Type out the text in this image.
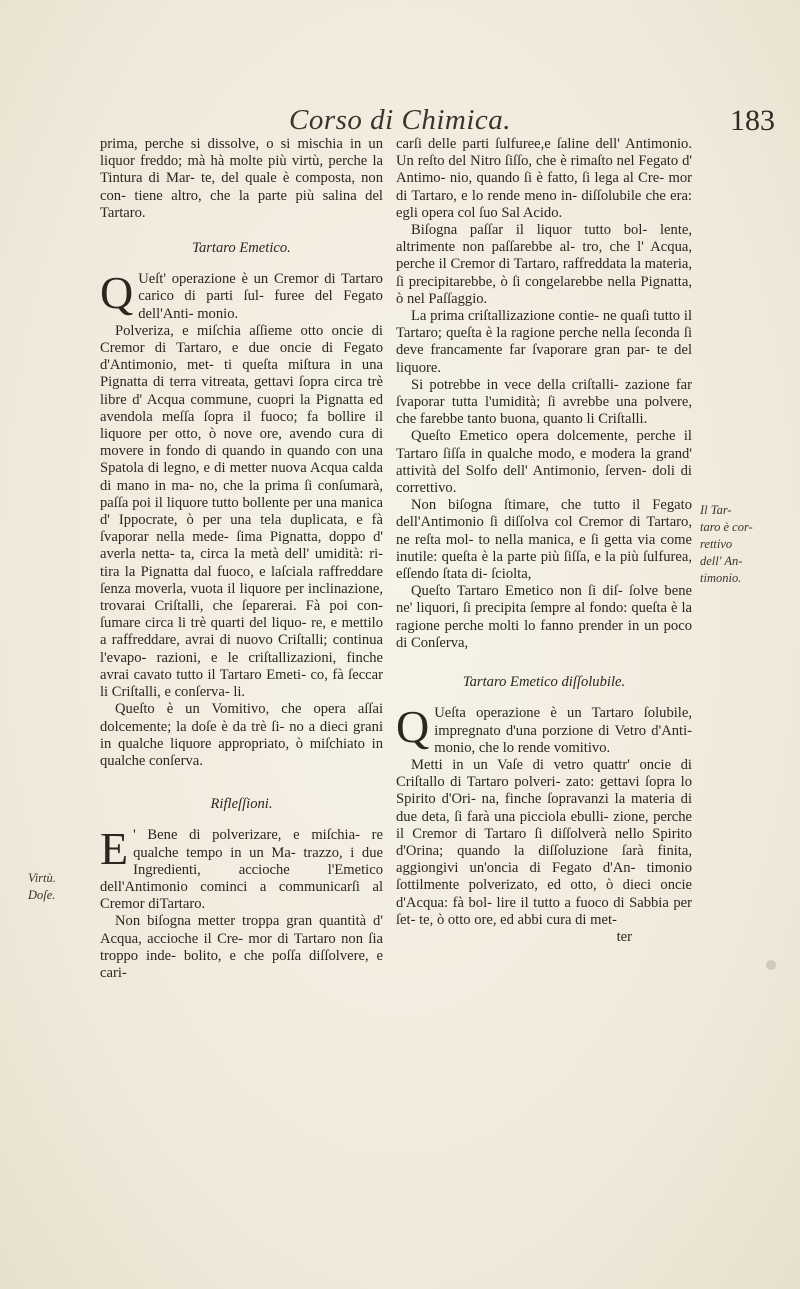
Corso di Chimica.	183

prima, perche si dissolve, o si mischia in un liquor freddo; mà hà molte più virtù, perche la Tintura di Mar- te, del quale è composta, non con- tiene altro, che la parte più salina del Tartaro.

Tartaro Emetico.

Q Ueſt' operazione è un Cremor di Tartaro carico di parti ſul- furee del Fegato dell'Anti- monio.

Polveriza, e miſchia aſſieme otto oncie di Cremor di Tartaro, e due oncie di Fegato d'Antimonio, met- ti queſta miſtura in una Pignatta di terra vitreata, gettavi ſopra circa trè libre d' Acqua commune, cuopri la Pignatta ed avendola meſſa ſopra il fuoco; fa bollire il liquore per otto, ò nove ore, avendo cura di movere in fondo di quando in quando con una Spatola di legno, e di metter nuova Acqua calda di mano in ma- no, che la prima ſi conſumarà, paſſa poi il liquore tutto bollente per una manica d' Ippocrate, ò per una tela duplicata, e fà ſvaporar nella mede- ſima Pignatta, doppo d' averla netta- ta, circa la metà dell' umidità: ri- tira la Pignatta dal fuoco, e laſciala raffreddare ſenza moverla, vuota il liquore per inclinazione, trovarai Criſtalli, che ſeparerai. Fà poi con- ſumare circa li trè quarti del liquo- re, e mettilo a raffreddare, avrai di nuovo Criſtalli; continua l'evapo- razioni, e le criſtallizazioni, finche avrai cavato tutto il Tartaro Emeti- co, fà ſeccar li Criſtalli, e conſerva- li.

Queſto è un Vomitivo, che opera aſſai dolcemente; la doſe è da trè ſi- no a dieci grani in qualche liquore appropriato, ò miſchiato in qualche conſerva.

Rifleſſioni.

E ' Bene di polverizare, e miſchia- re qualche tempo in un Ma- trazzo, i due Ingredienti, accioche l'Emetico dell'Antimonio cominci a communicarſi al Cremor diTartaro.

Non biſogna metter troppa gran quantità d' Acqua, accioche il Cre- mor di Tartaro non ſia troppo inde- bolito, e che poſſa diſſolvere, e cari-

carſi delle parti ſulfuree,e ſaline dell' Antimonio. Un reſto del Nitro ſiſſo, che è rimaſto nel Fegato d' Antimo- nio, quando ſi è fatto, ſi lega al Cre- mor di Tartaro, e lo rende meno in- diſſolubile che era: egli opera col ſuo Sal Acido.

Biſogna paſſar il liquor tutto bol- lente, altrimente non paſſarebbe al- tro, che l' Acqua, perche il Cremor di Tartaro, raffreddata la materia, ſi precipitarebbe, ò ſi congelarebbe nella Pignatta, ò nel Paſſaggio.

La prima criſtallizazione contie- ne quaſi tutto il Tartaro; queſta è la ragione perche nella ſeconda ſi deve francamente far ſvaporare gran par- te del liquore.

Si potrebbe in vece della criſtalli- zazione far ſvaporar tutta l'umidità; ſi avrebbe una polvere, che farebbe tanto buona, quanto li Criſtalli.

Queſto Emetico opera dolcemente, perche il Tartaro ſiſſa in qualche modo, e modera la grand' attività del Solfo dell' Antimonio, ſerven- doli di correttivo.

Non biſogna ſtimare, che tutto il Fegato dell'Antimonio ſi diſſolva col Cremor di Tartaro, ne reſta mol- to nella manica, e ſi getta via come inutile: queſta è la parte più ſiſſa, e la più ſulfurea, eſſendo ſtata di- ſciolta,

Queſto Tartaro Emetico non ſi diſ- ſolve bene ne' liquori, ſi precipita ſempre al fondo: queſta è la ragione perche molti lo fanno prender in un poco di Conſerva,

Tartaro Emetico diſſolubile.

Q Ueſta operazione è un Tartaro ſolubile, impregnato d'una porzione di Vetro d'Anti- monio, che lo rende vomitivo.

Metti in un Vaſe di vetro quattr' oncie di Criſtallo di Tartaro polveri- zato: gettavi ſopra lo Spirito d'Ori- na, finche ſopravanzi la materia di due deta, ſi farà una picciola ebulli- zione, perche il Cremor di Tartaro ſi diſſolverà nello Spirito d'Orina; quando la diſſoluzione ſarà finita, aggiongivi un'oncia di Fegato d'An- timonio ſottilmente polverizato, ed otto, ò dieci oncie d'Acqua: fà bol- lire il tutto a fuoco di Sabbia per ſet- te, ò otto ore, ed abbi cura di met-
ter

Virtù.
Doſe.
Il Tar-
taro è cor-
rettivo
dell' An-
timonio.
